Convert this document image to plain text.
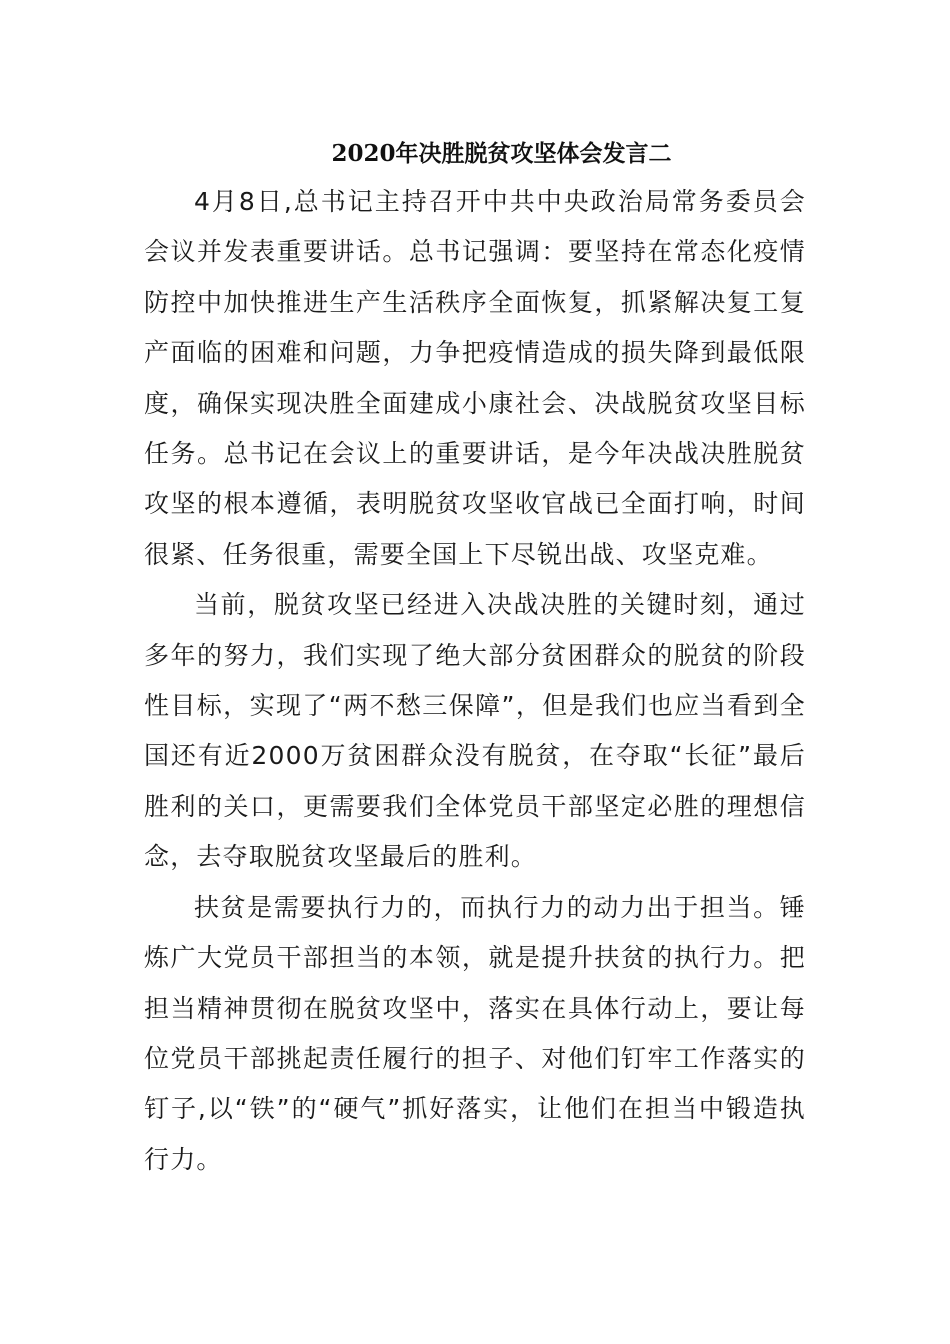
2020年决胜脱贫攻坚体会发言二

4月8日,总书记主持召开中共中央政治局常务委员会会议并发表重要讲话。总书记强调：要坚持在常态化疫情防控中加快推进生产生活秩序全面恢复，抓紧解决复工复产面临的困难和问题，力争把疫情造成的损失降到最低限度，确保实现决胜全面建成小康社会、决战脱贫攻坚目标任务。总书记在会议上的重要讲话，是今年决战决胜脱贫攻坚的根本遵循，表明脱贫攻坚收官战已全面打响，时间很紧、任务很重，需要全国上下尽锐出战、攻坚克难。

当前，脱贫攻坚已经进入决战决胜的关键时刻，通过多年的努力，我们实现了绝大部分贫困群众的脱贫的阶段性目标，实现了“两不愁三保障”，但是我们也应当看到全国还有近2000万贫困群众没有脱贫，在夺取“长征”最后胜利的关口，更需要我们全体党员干部坚定必胜的理想信念，去夺取脱贫攻坚最后的胜利。

扶贫是需要执行力的，而执行力的动力出于担当。锤炼广大党员干部担当的本领，就是提升扶贫的执行力。把担当精神贯彻在脱贫攻坚中，落实在具体行动上，要让每位党员干部挑起责任履行的担子、对他们钉牢工作落实的钉子,以“铁”的“硬气”抓好落实，让他们在担当中锻造执行力。
